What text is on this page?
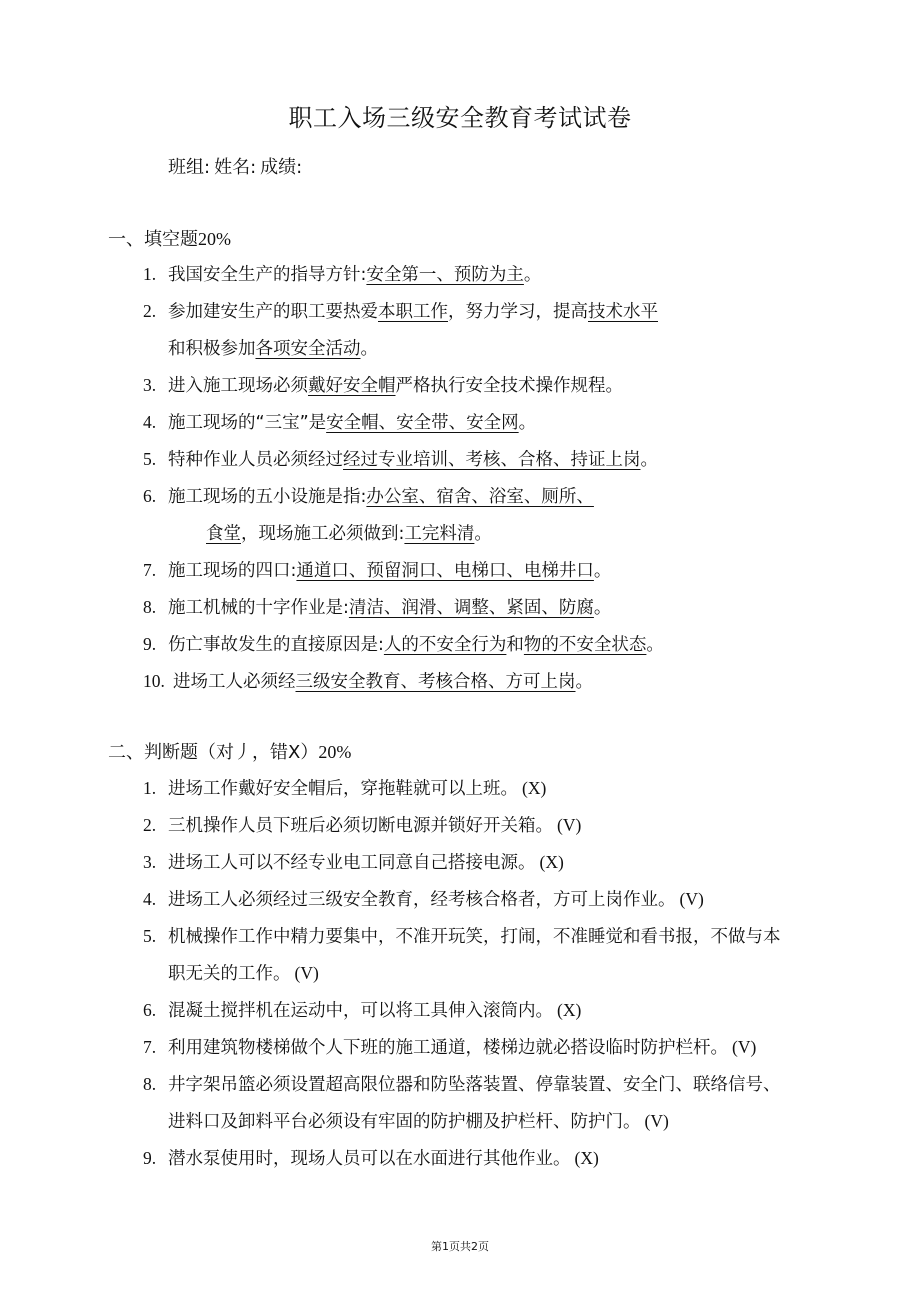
职工入场三级安全教育考试试卷
班组: 姓名: 成绩:
一、填空题20%
1. 我国安全生产的指导方针:安全第一、预防为主。
2. 参加建安生产的职工要热爱本职工作，努力学习，提高技术水平
和积极参加各项安全活动。
3. 进入施工现场必须戴好安全帽严格执行安全技术操作规程。
4. 施工现场的“三宝”是安全帽、安全带、安全网。
5. 特种作业人员必须经过经过专业培训、考核、合格、持证上岗。
6. 施工现场的五小设施是指:办公室、宿舍、浴室、厕所、
食堂，现场施工必须做到:工完料清。
7. 施工现场的四口:通道口、预留洞口、电梯口、电梯井口。
8. 施工机械的十字作业是:清洁、润滑、调整、紧固、防腐。
9. 伤亡事故发生的直接原因是:人的不安全行为和物的不安全状态。
10. 进场工人必须经三级安全教育、考核合格、方可上岗。
二、判断题（对丿，错X）20%
1. 进场工作戴好安全帽后，穿拖鞋就可以上班。 (X)
2. 三机操作人员下班后必须切断电源并锁好开关箱。 (V)
3. 进场工人可以不经专业电工同意自己搭接电源。 (X)
4. 进场工人必须经过三级安全教育，经考核合格者，方可上岗作业。 (V)
5. 机械操作工作中精力要集中，不准开玩笑，打闹，不准睡觉和看书报，不做与本
职无关的工作。 (V)
6. 混凝土搅拌机在运动中，可以将工具伸入滚筒内。 (X)
7. 利用建筑物楼梯做个人下班的施工通道，楼梯边就必搭设临时防护栏杆。 (V)
8. 井字架吊篮必须设置超高限位器和防坠落装置、停靠装置、安全门、联络信号、
进料口及卸料平台必须设有牢固的防护棚及护栏杆、防护门。 (V)
9. 潜水泵使用时，现场人员可以在水面进行其他作业。 (X)
第1页共2页
